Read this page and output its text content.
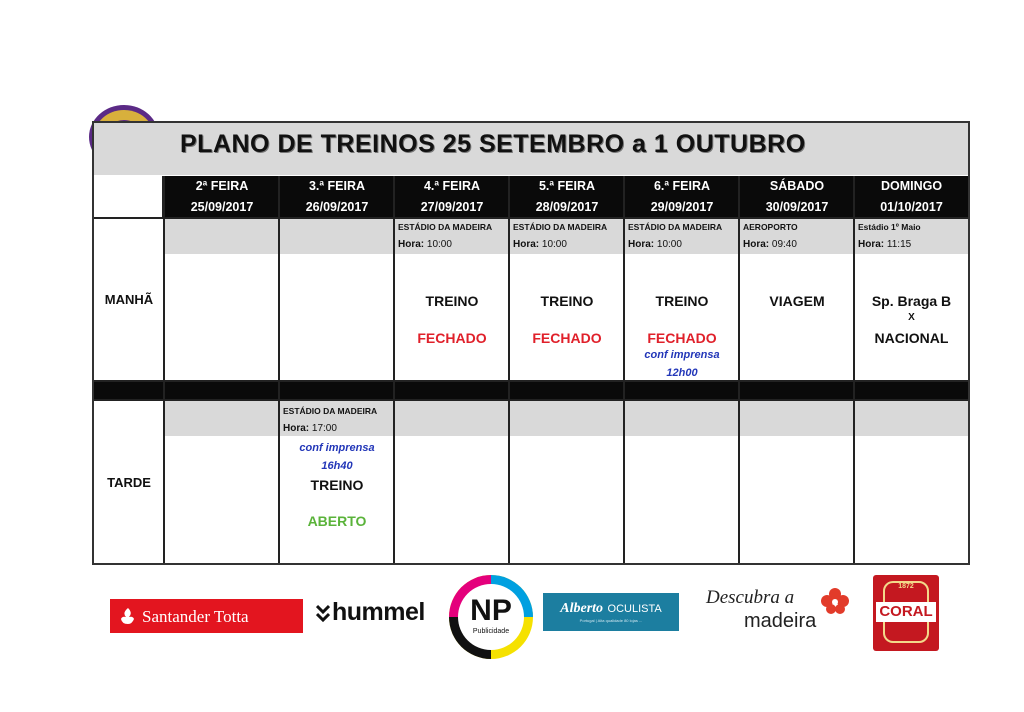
PLANO DE TREINOS 25 SETEMBRO a 1 OUTUBRO
2ª FEIRA
25/09/2017
3.ª FEIRA
26/09/2017
4.ª FEIRA
27/09/2017
5.ª FEIRA
28/09/2017
6.ª FEIRA
29/09/2017
SÁBADO
30/09/2017
DOMINGO
01/10/2017
MANHÃ
TARDE
ESTÁDIO DA MADEIRA
Hora: 10:00
TREINO
FECHADO
ESTÁDIO DA MADEIRA
Hora: 10:00
TREINO
FECHADO
ESTÁDIO DA MADEIRA
Hora: 10:00
TREINO
FECHADO
conf imprensa
12h00
AEROPORTO
Hora: 09:40
VIAGEM
Estádio 1º Maio
Hora: 11:15
Sp. Braga B
X
NACIONAL
ESTÁDIO DA MADEIRA
Hora: 17:00
conf imprensa
16h40
TREINO
ABERTO
Santander Totta	hummel	NP
Publicidade
Alberto OCULISTA
Portugal | Alta qualidade 80 lojas ...
Descubra a
madeira
1872
CORAL
